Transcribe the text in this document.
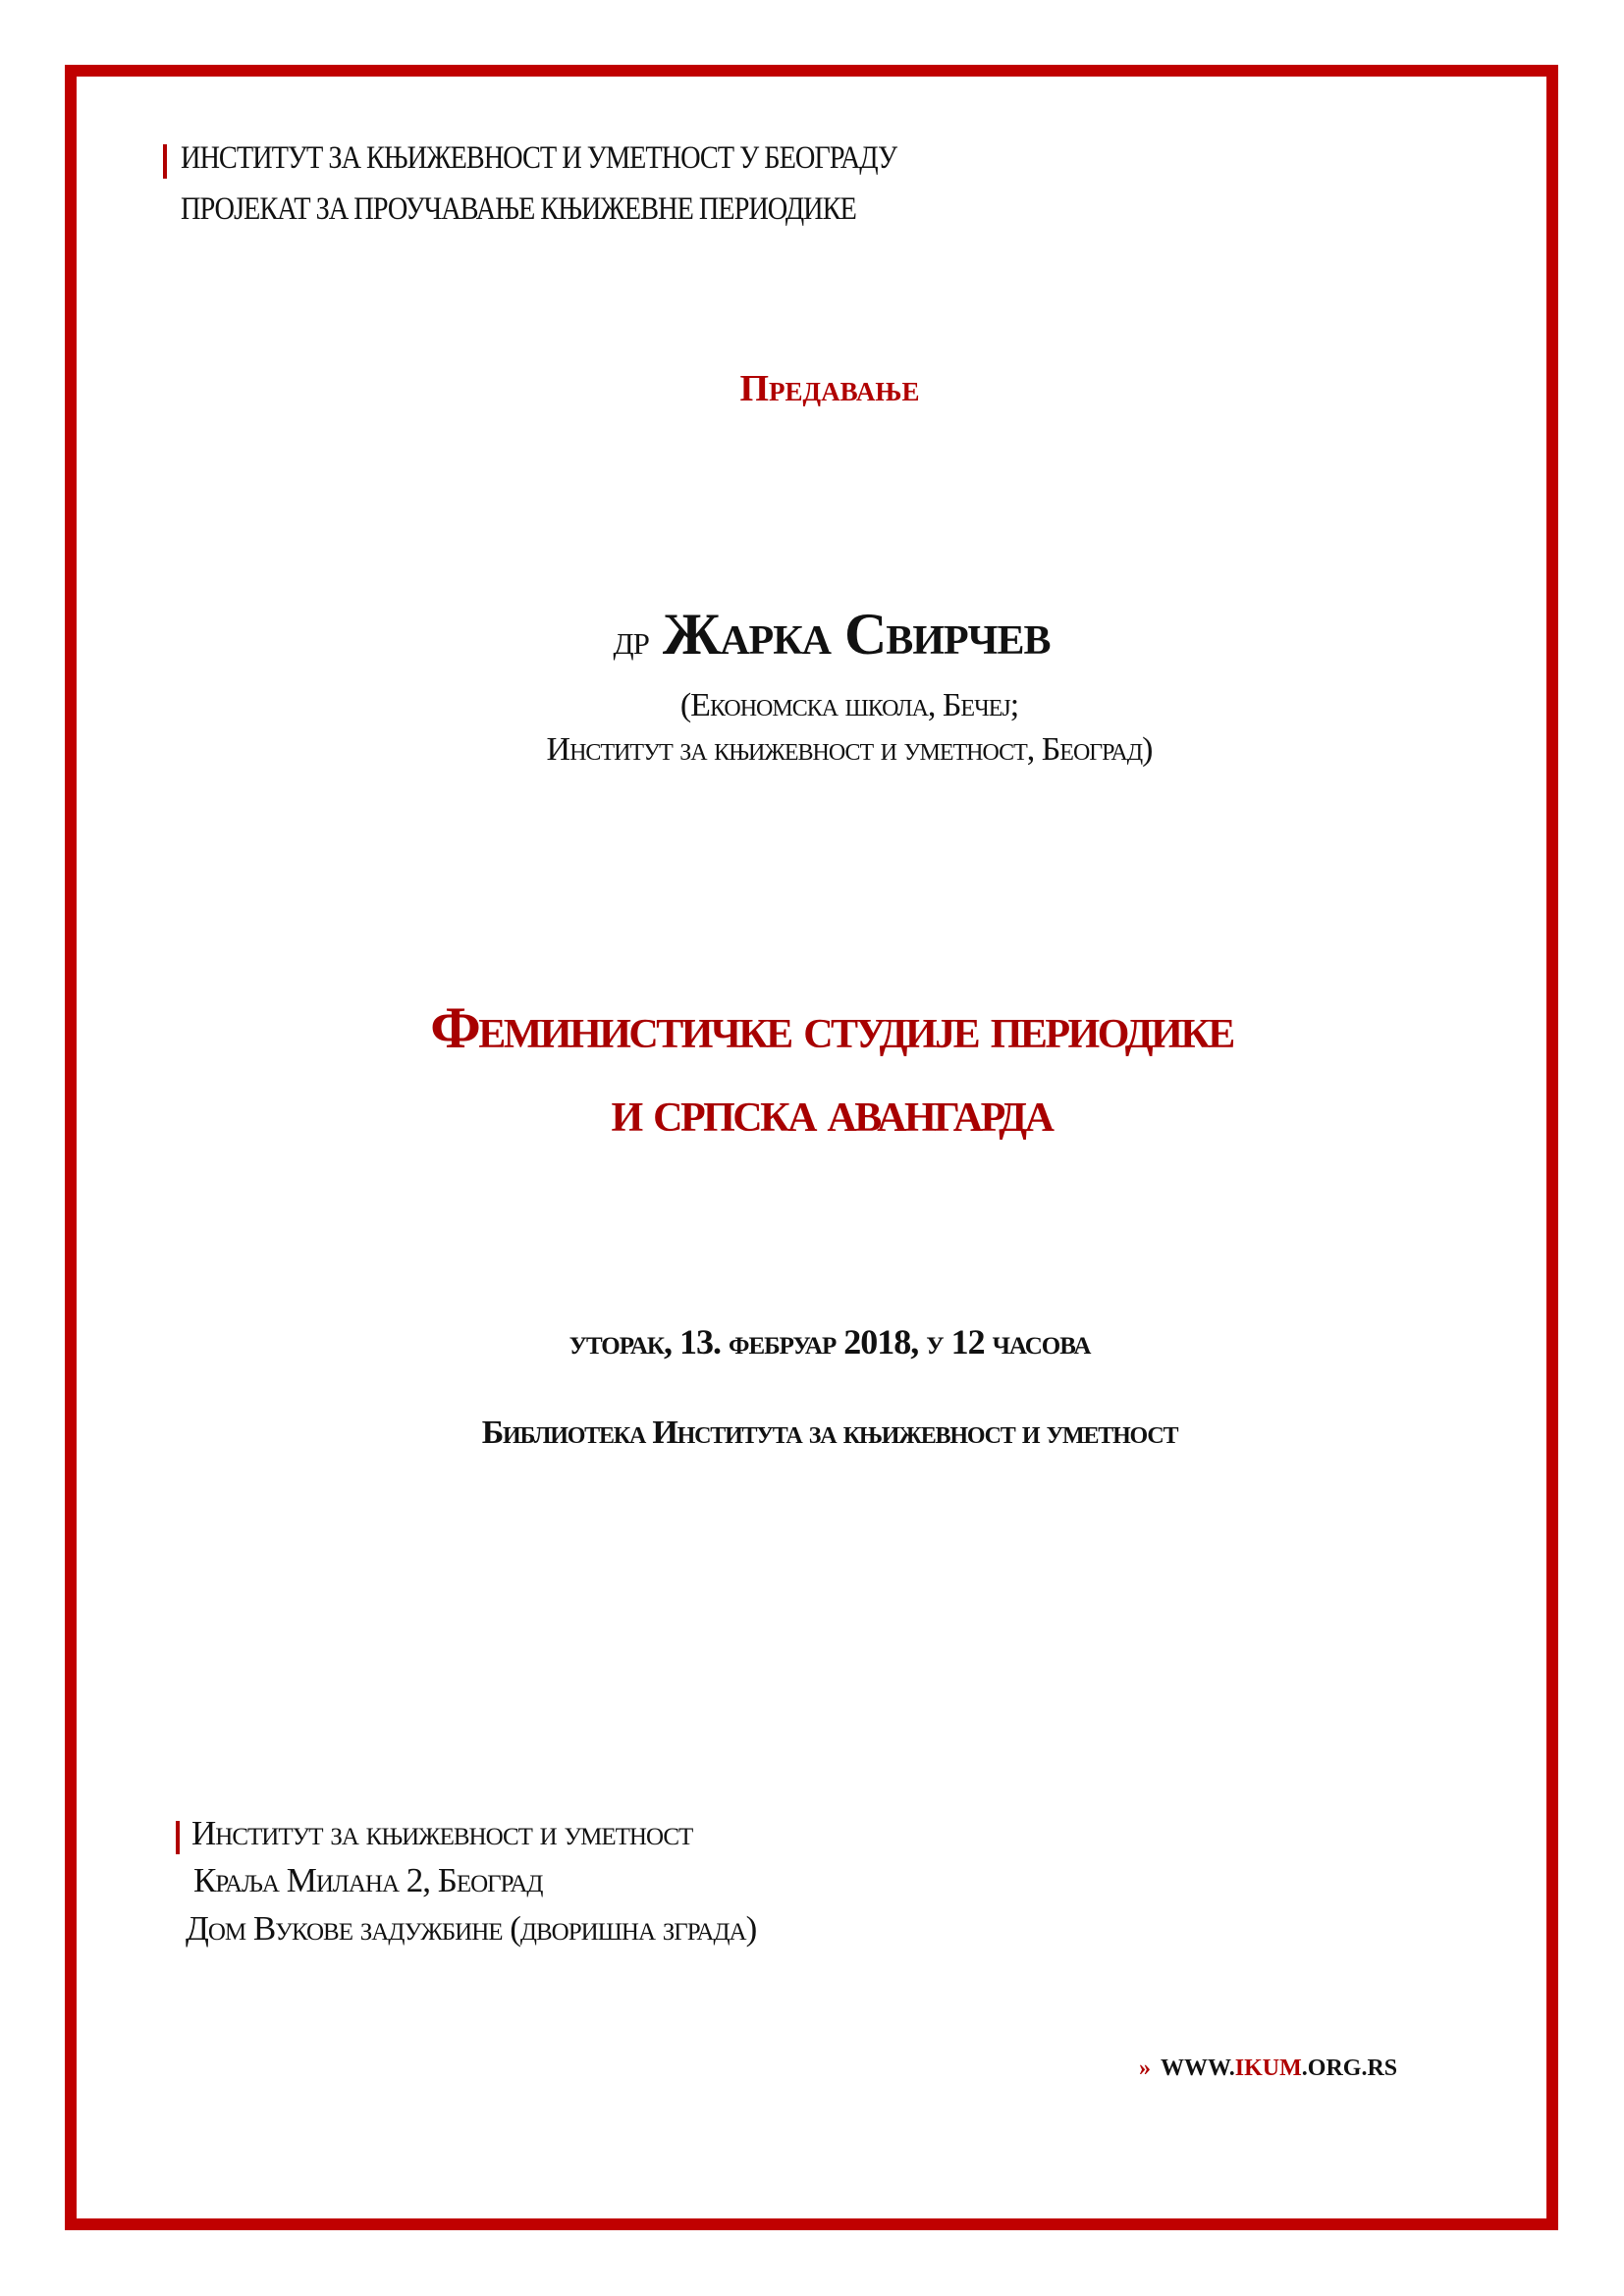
ИНСТИТУТ ЗА КЊИЖЕВНОСТ И УМЕТНОСТ У БЕОГРАДУ
ПРОЈЕКАТ ЗА ПРОУЧАВАЊЕ КЊИЖЕВНЕ ПЕРИОДИКЕ
Предавање
др Жарка Свирчев
(Економска школа, Бечеј;
Институт за књижевност и уметност, Београд)
Феминистичке студије периодике
и српска авангарда
уторак, 13. фебруар 2018, у 12 часова
Библиотека Института за књижевност и уметност
Институт за књижевност и уметност
Краља Милана 2, Београд
Дом Вукове задужбине (дворишна зграда)
» WWW.IKUM.ORG.RS
